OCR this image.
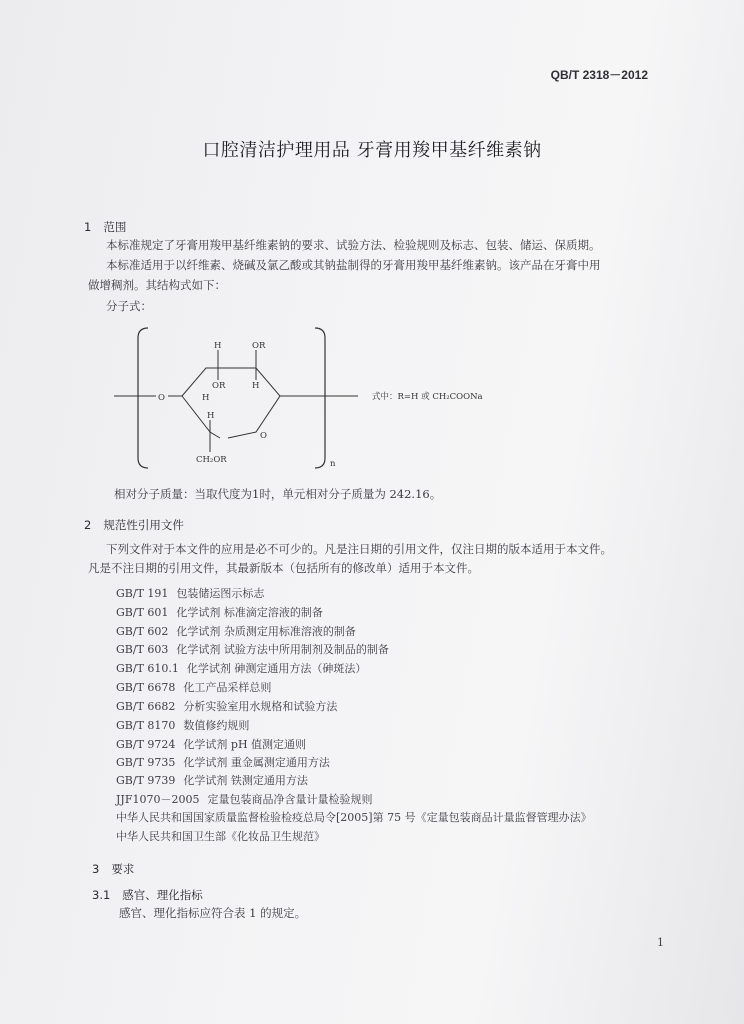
QB/T 2318－2012
口腔清洁护理用品 牙膏用羧甲基纤维素钠
1 范围
本标准规定了牙膏用羧甲基纤维素钠的要求、试验方法、检验规则及标志、包装、储运、保质期。
本标准适用于以纤维素、烧碱及氯乙酸或其钠盐制得的牙膏用羧甲基纤维素钠。该产品在牙膏中用
做增稠剂。其结构式如下：
分子式：
H	OR
OR	H
O	H
H
O
CH₂OR	n
式中：R=H 或 CH₂COONa
相对分子质量：当取代度为1时，单元相对分子质量为 242.16。
2 规范性引用文件
下列文件对于本文件的应用是必不可少的。凡是注日期的引用文件，仅注日期的版本适用于本文件。
凡是不注日期的引用文件，其最新版本（包括所有的修改单）适用于本文件。
GB/T 191 包装储运图示标志
GB/T 601 化学试剂 标准滴定溶液的制备
GB/T 602 化学试剂 杂质测定用标准溶液的制备
GB/T 603 化学试剂 试验方法中所用制剂及制品的制备
GB/T 610.1 化学试剂 砷测定通用方法（砷斑法）
GB/T 6678 化工产品采样总则
GB/T 6682 分析实验室用水规格和试验方法
GB/T 8170 数值修约规则
GB/T 9724 化学试剂 pH 值测定通则
GB/T 9735 化学试剂 重金属测定通用方法
GB/T 9739 化学试剂 铁测定通用方法
JJF1070－2005 定量包装商品净含量计量检验规则
中华人民共和国国家质量监督检验检疫总局令[2005]第 75 号《定量包装商品计量监督管理办法》
中华人民共和国卫生部《化妆品卫生规范》
3 要求
3.1 感官、理化指标
感官、理化指标应符合表 1 的规定。
1
